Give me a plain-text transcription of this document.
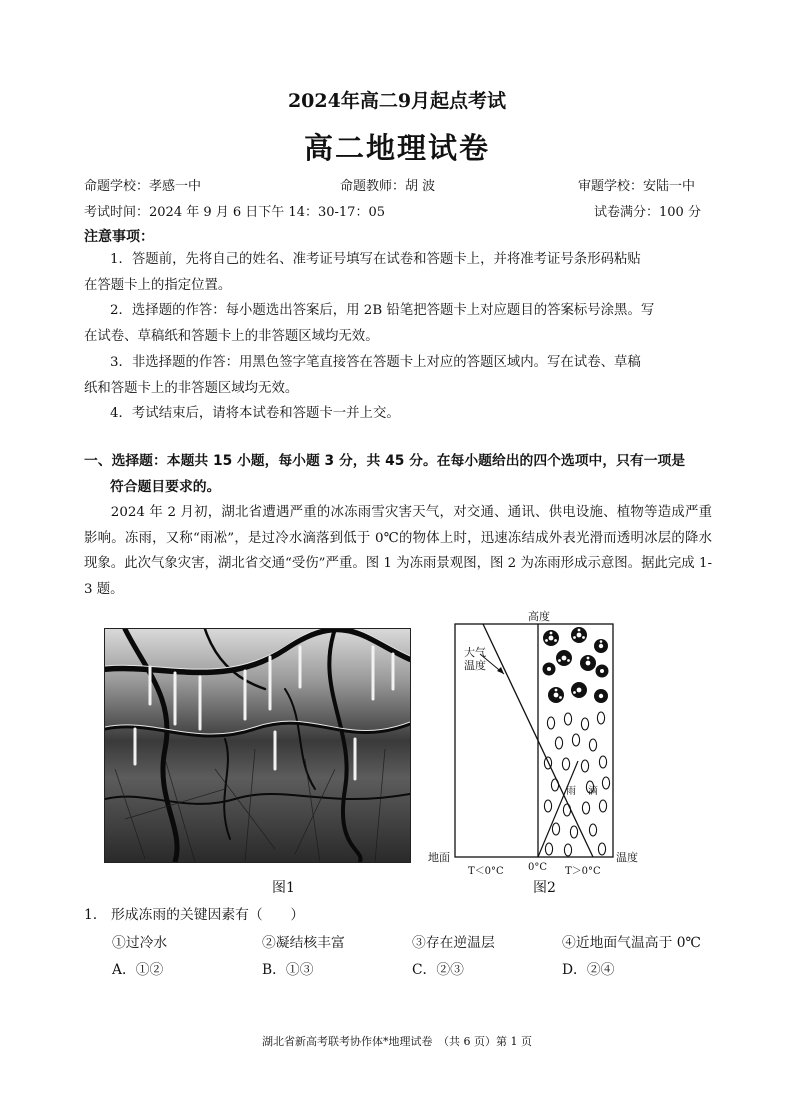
2024年高二9月起点考试
高二地理试卷
命题学校：孝感一中	命题教师：胡 波	审题学校：安陆一中
考试时间：2024 年 9 月 6 日下午 14：30-17：05	试卷满分：100 分
注意事项：
1．答题前，先将自己的姓名、准考证号填写在试卷和答题卡上，并将准考证号条形码粘贴
在答题卡上的指定位置。
2．选择题的作答：每小题选出答案后，用 2B 铅笔把答题卡上对应题目的答案标号涂黑。写
在试卷、草稿纸和答题卡上的非答题区域均无效。
3．非选择题的作答：用黑色签字笔直接答在答题卡上对应的答题区域内。写在试卷、草稿
纸和答题卡上的非答题区域均无效。
4．考试结束后，请将本试卷和答题卡一并上交。
一、选择题：本题共 15 小题，每小题 3 分，共 45 分。在每小题给出的四个选项中，只有一项是
符合题目要求的。
2024 年 2 月初，湖北省遭遇严重的冰冻雨雪灾害天气，对交通、通讯、供电设施、植物等造成严重影响。冻雨，又称“雨凇”，是过冷水滴落到低于 0℃的物体上时，迅速冻结成外表光滑而透明冰层的降水现象。此次气象灾害，湖北省交通“受伤”严重。图 1 为冻雨景观图，图 2 为冻雨形成示意图。据此完成 1-3 题。
图1
高度
大气
温度
雨 滴
地面	温度
T＜0°C 0°C T＞0°C
图2
1.　形成冻雨的关键因素有（　　）
①过冷水	②凝结核丰富	③存在逆温层	④近地面气温高于 0℃
A．①②	B．①③	C．②③	D．②④
湖北省新高考联考协作体*地理试卷　（共 6 页）第 1 页
